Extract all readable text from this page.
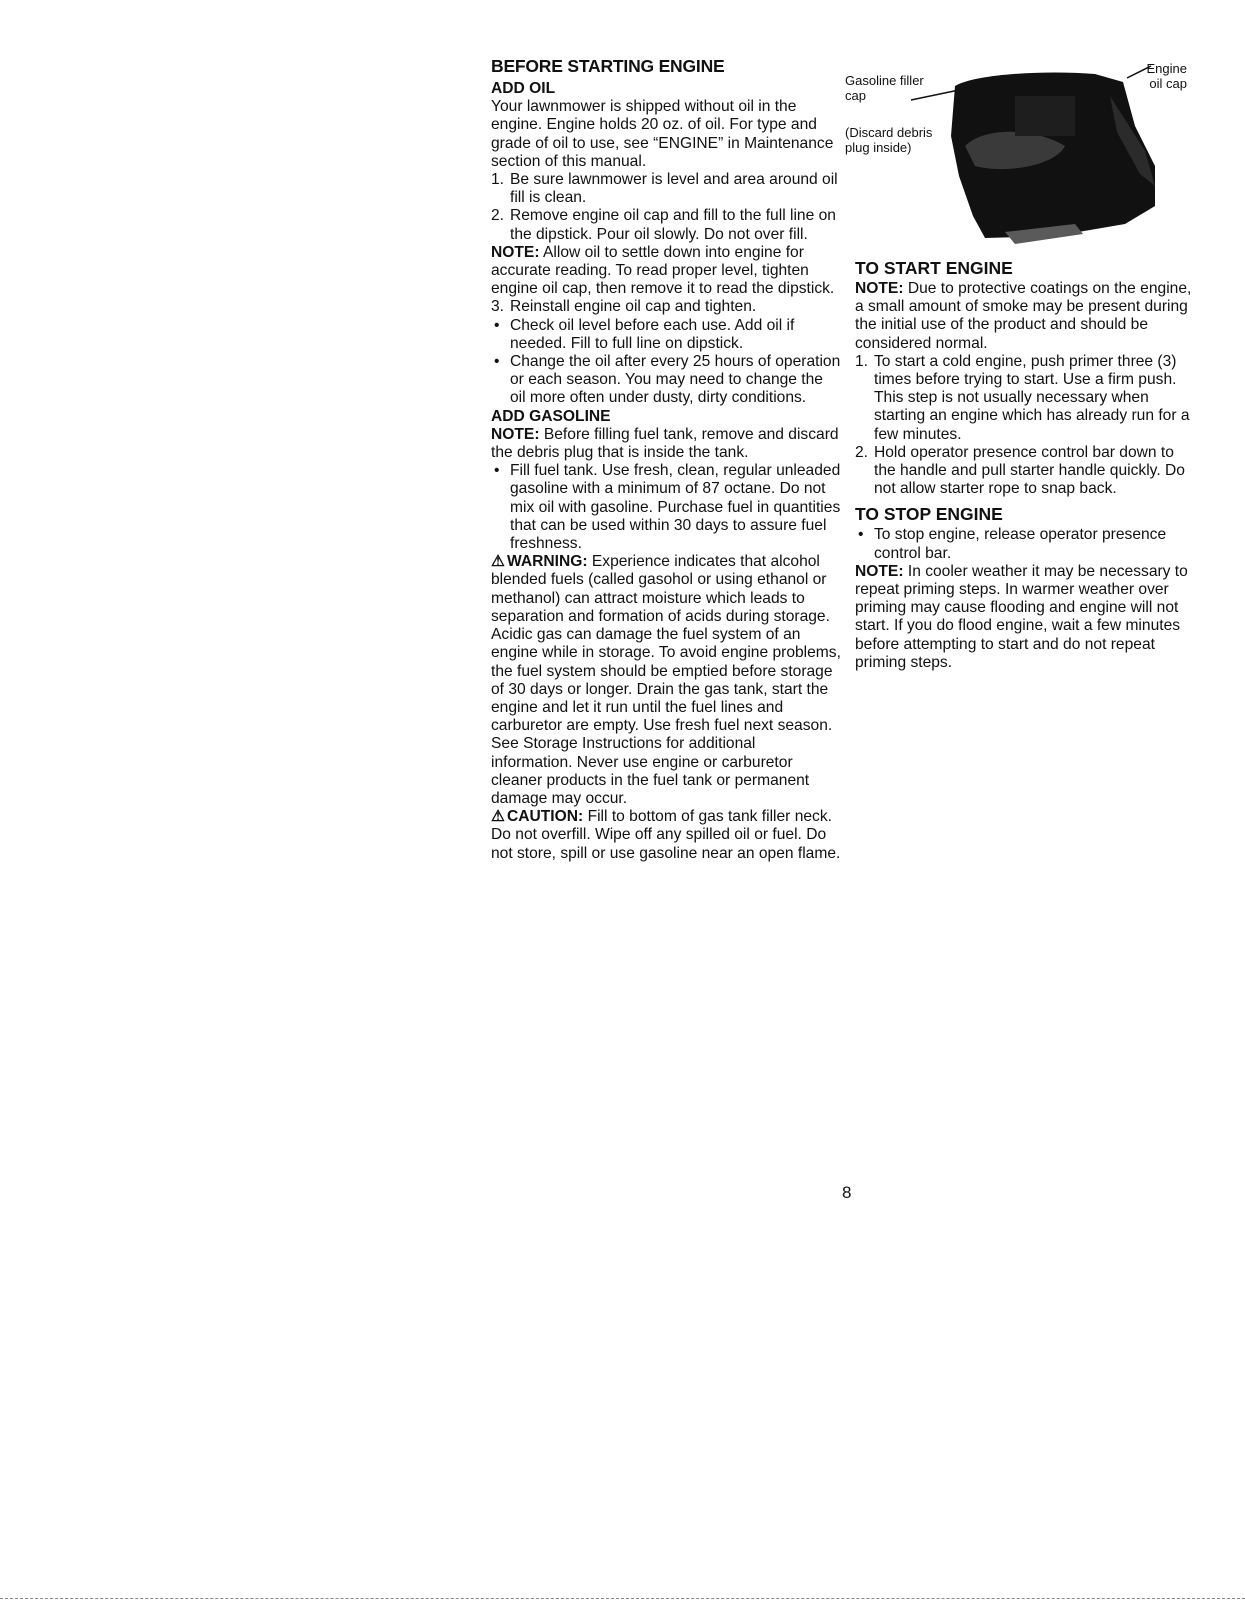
BEFORE STARTING ENGINE
ADD OIL

Your lawnmower is shipped without oil in the engine. Engine holds 20 oz. of oil. For type and grade of oil to use, see “ENGINE” in Maintenance section of this manual.

1. Be sure lawnmower is level and area around oil fill is clean.
2. Remove engine oil cap and fill to the full line on the dipstick. Pour oil slowly. Do not over fill.

NOTE: Allow oil to settle down into engine for accurate reading. To read proper level, tighten engine oil cap, then remove it to read the dipstick.

3. Reinstall engine oil cap and tighten.
• Check oil level before each use. Add oil if needed. Fill to full line on dipstick.
• Change the oil after every 25 hours of operation or each season. You may need to change the oil more often under dusty, dirty conditions.
ADD GASOLINE

NOTE: Before filling fuel tank, remove and discard the debris plug that is inside the tank.

• Fill fuel tank. Use fresh, clean, regular unleaded gasoline with a minimum of 87 octane. Do not mix oil with gasoline. Purchase fuel in quantities that can be used within 30 days to assure fuel freshness.

⚠ WARNING: Experience indicates that alcohol blended fuels (called gasohol or using ethanol or methanol) can attract moisture which leads to separation and formation of acids during storage. Acidic gas can damage the fuel system of an engine while in storage. To avoid engine problems, the fuel system should be emptied before storage of 30 days or longer. Drain the gas tank, start the engine and let it run until the fuel lines and carburetor are empty. Use fresh fuel next season. See Storage Instructions for additional information. Never use engine or carburetor cleaner products in the fuel tank or permanent damage may occur.

⚠ CAUTION: Fill to bottom of gas tank filler neck. Do not overfill. Wipe off any spilled oil or fuel. Do not store, spill or use gasoline near an open flame.

Gasoline filler cap
(Discard debris plug inside)
Engine oil cap
TO START ENGINE

NOTE: Due to protective coatings on the engine, a small amount of smoke may be present during the initial use of the product and should be considered normal.

1. To start a cold engine, push primer three (3) times before trying to start. Use a firm push. This step is not usually necessary when starting an engine which has already run for a few minutes.
2. Hold operator presence control bar down to the handle and pull starter handle quickly. Do not allow starter rope to snap back.
TO STOP ENGINE
• To stop engine, release operator presence control bar.

NOTE: In cooler weather it may be necessary to repeat priming steps. In warmer weather over priming may cause flooding and engine will not start. If you do flood engine, wait a few minutes before attempting to start and do not repeat priming steps.

8
